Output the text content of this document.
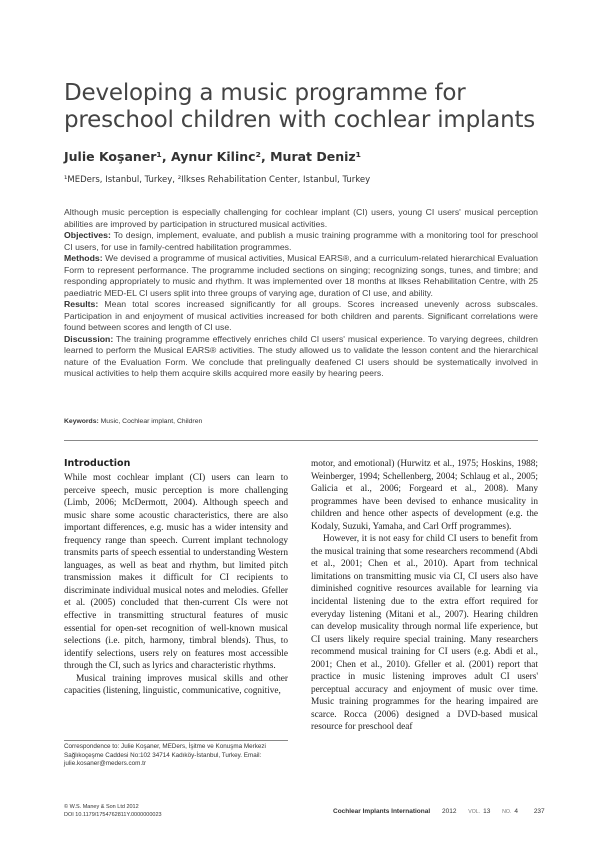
Developing a music programme for preschool children with cochlear implants
Julie Koşaner¹, Aynur Kilinc², Murat Deniz¹
¹MEDers, Istanbul, Turkey, ²Ilkses Rehabilitation Center, Istanbul, Turkey

Although music perception is especially challenging for cochlear implant (CI) users, young CI users' musical perception abilities are improved by participation in structured musical activities.

Objectives: To design, implement, evaluate, and publish a music training programme with a monitoring tool for preschool CI users, for use in family-centred habilitation programmes.

Methods: We devised a programme of musical activities, Musical EARS®, and a curriculum-related hierarchical Evaluation Form to represent performance. The programme included sections on singing; recognizing songs, tunes, and timbre; and responding appropriately to music and rhythm. It was implemented over 18 months at Ilkses Rehabilitation Centre, with 25 paediatric MED-EL CI users split into three groups of varying age, duration of CI use, and ability.

Results: Mean total scores increased significantly for all groups. Scores increased unevenly across subscales. Participation in and enjoyment of musical activities increased for both children and parents. Significant correlations were found between scores and length of CI use.

Discussion: The training programme effectively enriches child CI users' musical experience. To varying degrees, children learned to perform the Musical EARS® activities. The study allowed us to validate the lesson content and the hierarchical nature of the Evaluation Form. We conclude that prelingually deafened CI users should be systematically involved in musical activities to help them acquire skills acquired more easily by hearing peers.

Keywords: Music, Cochlear implant, Children
Introduction

While most cochlear implant (CI) users can learn to perceive speech, music perception is more challenging (Limb, 2006; McDermott, 2004). Although speech and music share some acoustic characteristics, there are also important differences, e.g. music has a wider intensity and frequency range than speech. Current implant technology transmits parts of speech essential to understanding Western languages, as well as beat and rhythm, but limited pitch transmission makes it difficult for CI recipients to discriminate individual musical notes and melodies. Gfeller et al. (2005) concluded that then-current CIs were not effective in transmitting structural features of music essential for open-set recognition of well-known musical selections (i.e. pitch, harmony, timbral blends). Thus, to identify selections, users rely on features most accessible through the CI, such as lyrics and characteristic rhythms.

Musical training improves musical skills and other capacities (listening, linguistic, communicative, cognitive,

motor, and emotional) (Hurwitz et al., 1975; Hoskins, 1988; Weinberger, 1994; Schellenberg, 2004; Schlaug et al., 2005; Galicia et al., 2006; Forgeard et al., 2008). Many programmes have been devised to enhance musicality in children and hence other aspects of development (e.g. the Kodaly, Suzuki, Yamaha, and Carl Orff programmes).

However, it is not easy for child CI users to benefit from the musical training that some researchers recommend (Abdi et al., 2001; Chen et al., 2010). Apart from technical limitations on transmitting music via CI, CI users also have diminished cognitive resources available for learning via incidental listening due to the extra effort required for everyday listening (Mitani et al., 2007). Hearing children can develop musicality through normal life experience, but CI users likely require special training. Many researchers recommend musical training for CI users (e.g. Abdi et al., 2001; Chen et al., 2010). Gfeller et al. (2001) report that practice in music listening improves adult CI users' perceptual accuracy and enjoyment of music over time. Music training programmes for the hearing impaired are scarce. Rocca (2006) designed a DVD-based musical resource for preschool deaf

Correspondence to: Julie Koşaner, MEDers, İşitme ve Konuşma Merkezi Sağlıkoçeşme Caddesi No:102 34714 Kadıköy-İstanbul, Turkey. Email: julie.kosaner@meders.com.tr
© W.S. Maney & Son Ltd 2012
DOI 10.1179/1754762811Y.0000000023	Cochlear Implants International 2012 VOL. 13 NO. 4 237
